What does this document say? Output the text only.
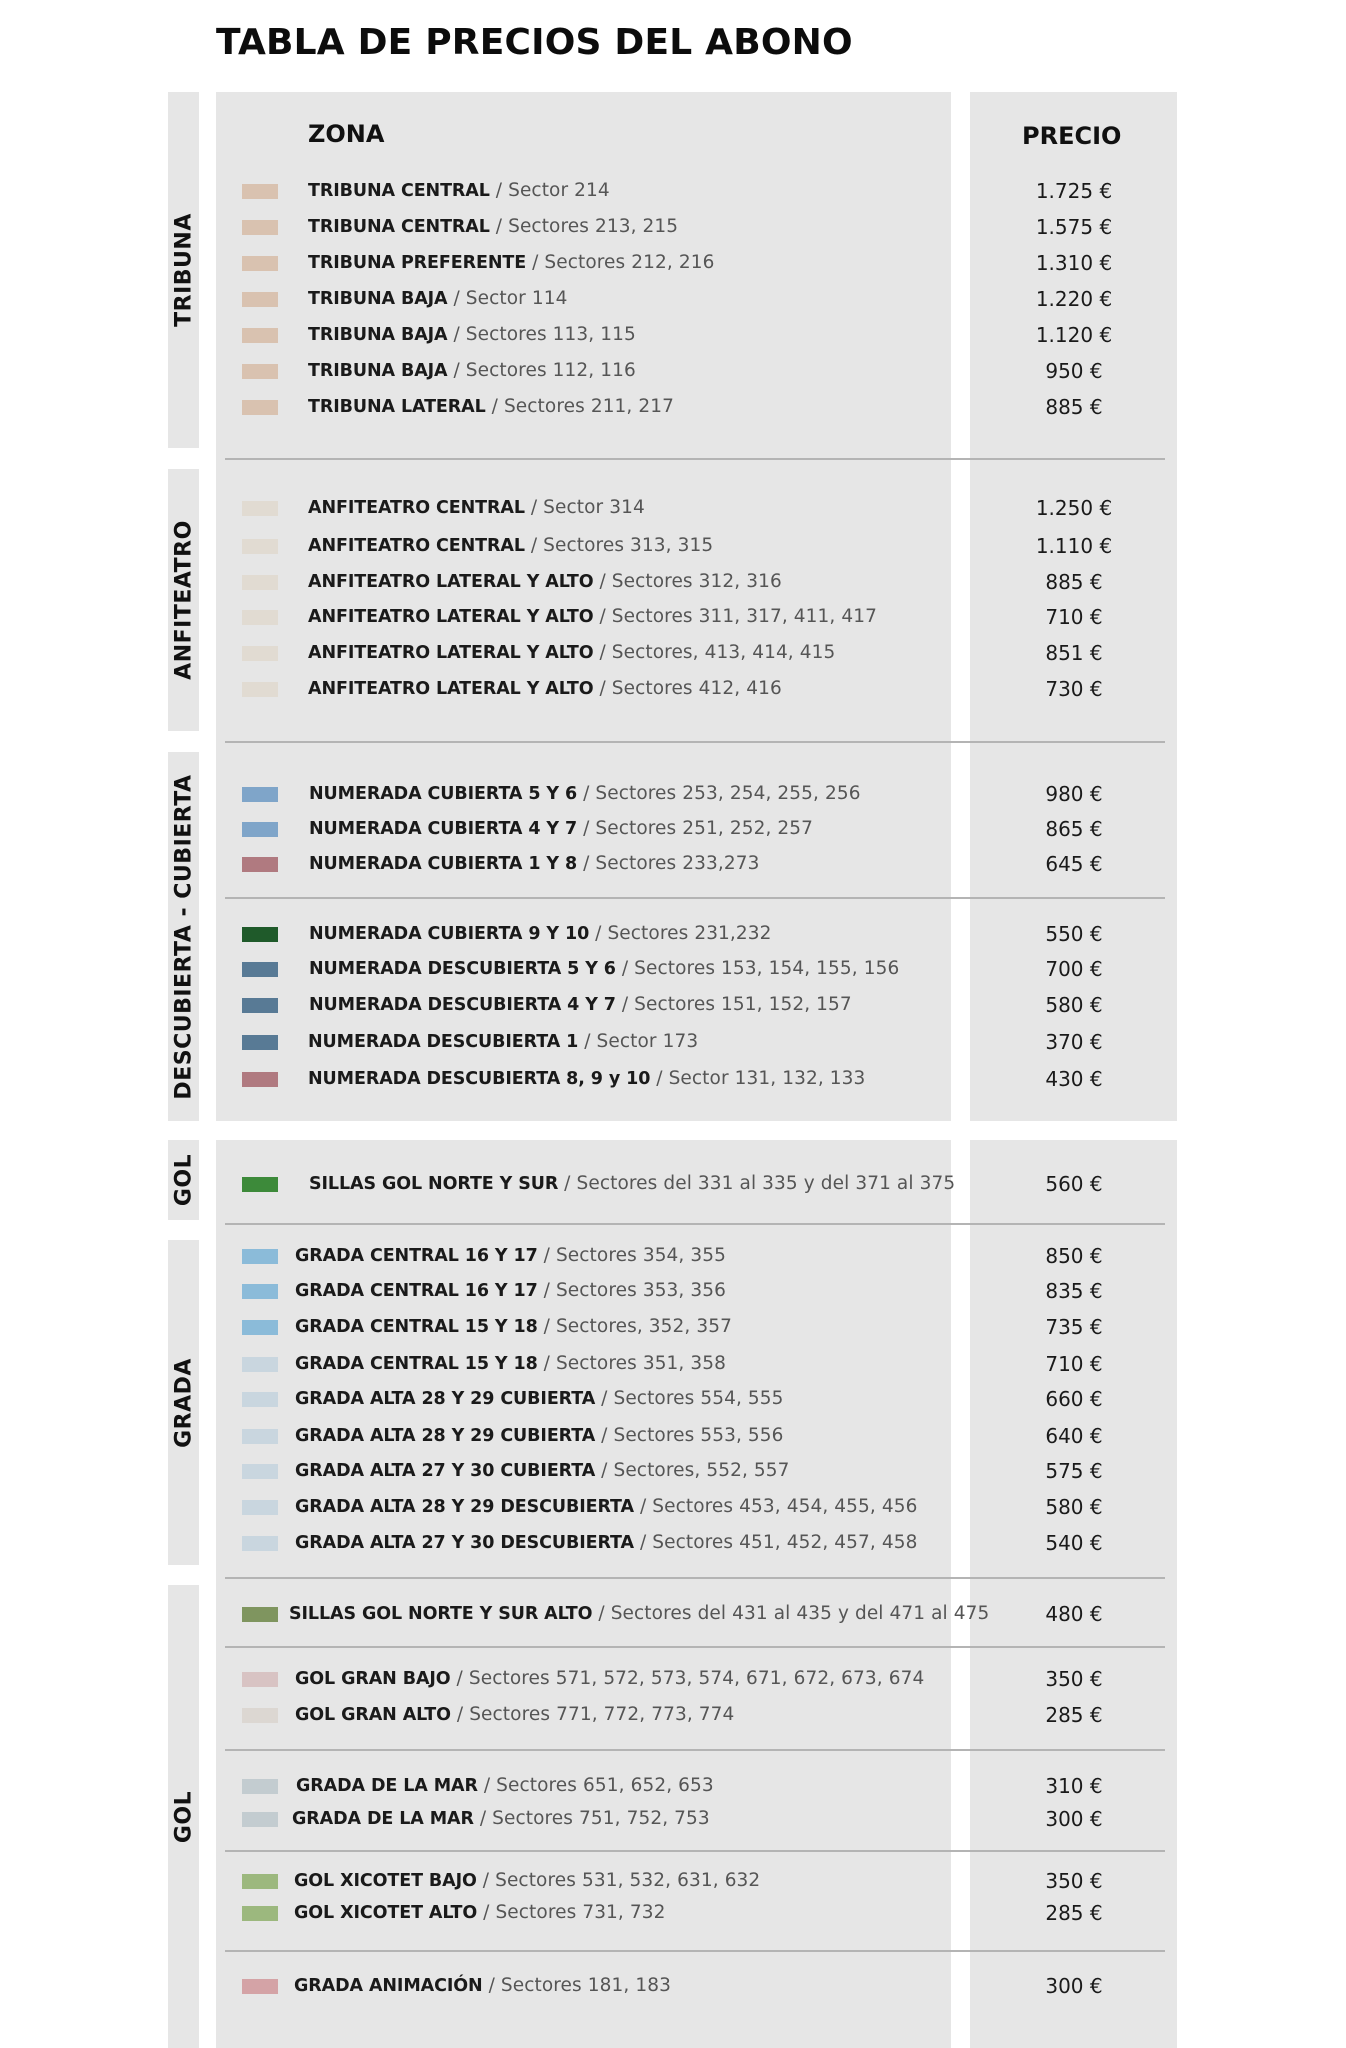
TABLA DE PRECIOS DEL ABONO
TRIBUNA
ANFITEATRO
DESCUBIERTA - CUBIERTA
GOL
GRADA
GOL
ZONA	PRECIO
TRIBUNA CENTRAL / Sector 214	1.725 €
TRIBUNA CENTRAL / Sectores 213, 215	1.575 €
TRIBUNA PREFERENTE / Sectores 212, 216	1.310 €
TRIBUNA BAJA / Sector 114	1.220 €
TRIBUNA BAJA / Sectores 113, 115	1.120 €
TRIBUNA BAJA / Sectores 112, 116	950 €
TRIBUNA LATERAL / Sectores 211, 217	885 €
ANFITEATRO CENTRAL / Sector 314	1.250 €
ANFITEATRO CENTRAL / Sectores 313, 315	1.110 €
ANFITEATRO LATERAL Y ALTO / Sectores 312, 316	885 €
ANFITEATRO LATERAL Y ALTO / Sectores 311, 317, 411, 417	710 €
ANFITEATRO LATERAL Y ALTO / Sectores, 413, 414, 415	851 €
ANFITEATRO LATERAL Y ALTO / Sectores 412, 416	730 €
NUMERADA CUBIERTA 5 Y 6 / Sectores 253, 254, 255, 256	980 €
NUMERADA CUBIERTA 4 Y 7 / Sectores 251, 252, 257	865 €
NUMERADA CUBIERTA 1 Y 8 / Sectores 233,273	645 €
NUMERADA CUBIERTA 9 Y 10 / Sectores 231,232	550 €
NUMERADA DESCUBIERTA 5 Y 6 / Sectores 153, 154, 155, 156	700 €
NUMERADA DESCUBIERTA 4 Y 7 / Sectores 151, 152, 157	580 €
NUMERADA DESCUBIERTA 1 / Sector 173	370 €
NUMERADA DESCUBIERTA 8, 9 y 10 / Sector 131, 132, 133	430 €
SILLAS GOL NORTE Y SUR / Sectores del 331 al 335 y del 371 al 375	560 €
GRADA CENTRAL 16 Y 17 / Sectores 354, 355	850 €
GRADA CENTRAL 16 Y 17 / Sectores 353, 356	835 €
GRADA CENTRAL 15 Y 18 / Sectores, 352, 357	735 €
GRADA CENTRAL 15 Y 18 / Sectores 351, 358	710 €
GRADA ALTA 28 Y 29 CUBIERTA / Sectores 554, 555	660 €
GRADA ALTA 28 Y 29 CUBIERTA / Sectores 553, 556	640 €
GRADA ALTA 27 Y 30 CUBIERTA / Sectores, 552, 557	575 €
GRADA ALTA 28 Y 29 DESCUBIERTA / Sectores 453, 454, 455, 456	580 €
GRADA ALTA 27 Y 30 DESCUBIERTA / Sectores 451, 452, 457, 458	540 €
SILLAS GOL NORTE Y SUR ALTO / Sectores del 431 al 435 y del 471 al 475	480 €
GOL GRAN BAJO / Sectores 571, 572, 573, 574, 671, 672, 673, 674	350 €
GOL GRAN ALTO / Sectores 771, 772, 773, 774	285 €
GRADA DE LA MAR / Sectores 651, 652, 653	310 €
GRADA DE LA MAR / Sectores 751, 752, 753	300 €
GOL XICOTET BAJO / Sectores 531, 532, 631, 632	350 €
GOL XICOTET ALTO / Sectores 731, 732	285 €
GRADA ANIMACIÓN / Sectores 181, 183	300 €
